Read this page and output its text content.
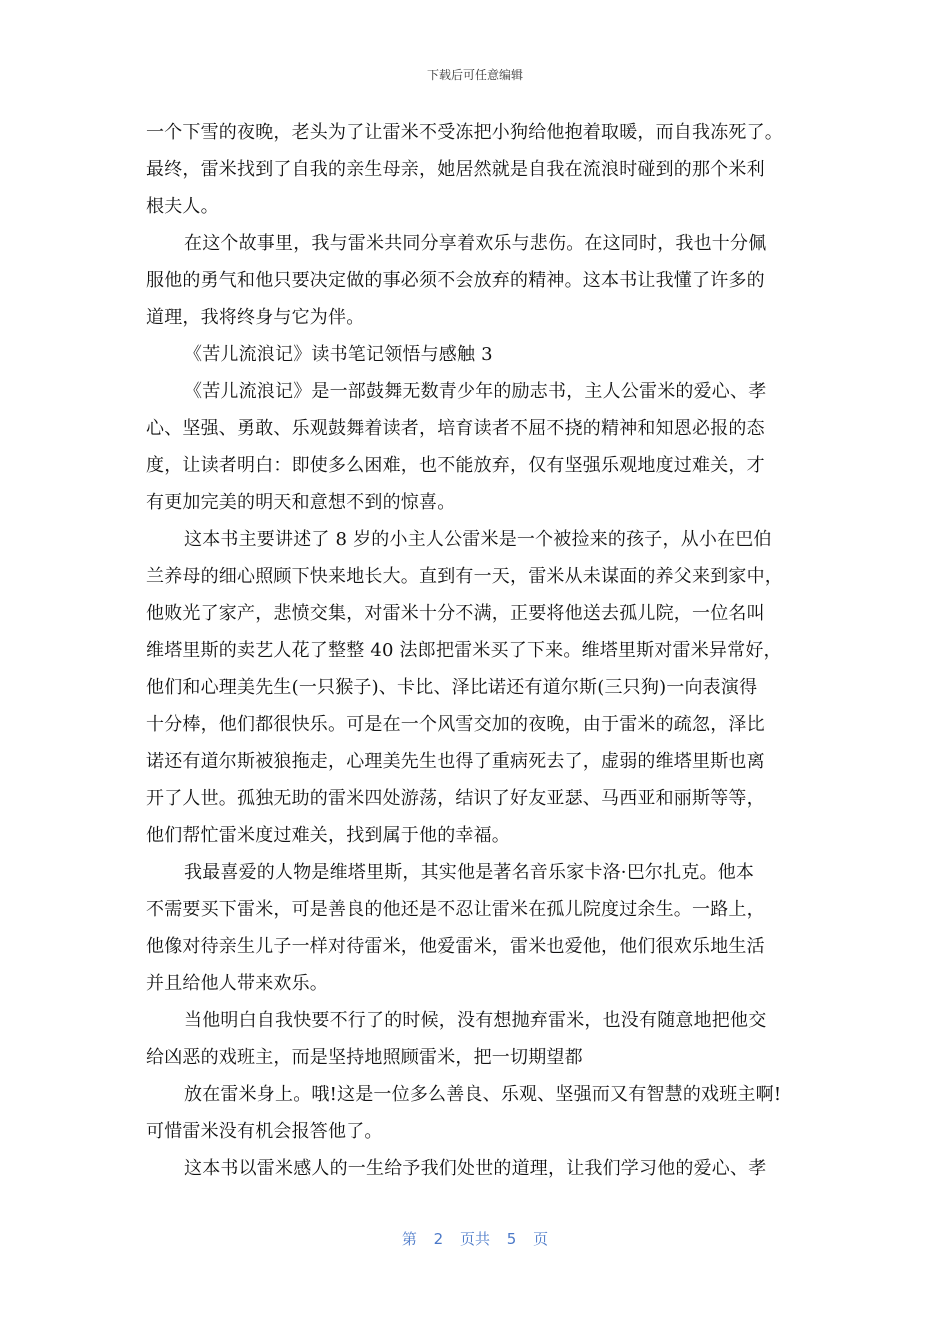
下载后可任意编辑
一个下雪的夜晚，老头为了让雷米不受冻把小狗给他抱着取暖，而自我冻死了。
最终，雷米找到了自我的亲生母亲，她居然就是自我在流浪时碰到的那个米利
根夫人。
在这个故事里，我与雷米共同分享着欢乐与悲伤。在这同时，我也十分佩
服他的勇气和他只要决定做的事必须不会放弃的精神。这本书让我懂了许多的
道理，我将终身与它为伴。
《苦儿流浪记》读书笔记领悟与感触 3
《苦儿流浪记》是一部鼓舞无数青少年的励志书，主人公雷米的爱心、孝
心、坚强、勇敢、乐观鼓舞着读者，培育读者不屈不挠的精神和知恩必报的态
度，让读者明白：即使多么困难，也不能放弃，仅有坚强乐观地度过难关，才
有更加完美的明天和意想不到的惊喜。
这本书主要讲述了 8 岁的小主人公雷米是一个被捡来的孩子，从小在巴伯
兰养母的细心照顾下快来地长大。直到有一天，雷米从未谋面的养父来到家中，
他败光了家产，悲愤交集，对雷米十分不满，正要将他送去孤儿院，一位名叫
维塔里斯的卖艺人花了整整 40 法郎把雷米买了下来。维塔里斯对雷米异常好，
他们和心理美先生(一只猴子)、卡比、泽比诺还有道尔斯(三只狗)一向表演得
十分棒，他们都很快乐。可是在一个风雪交加的夜晚，由于雷米的疏忽，泽比
诺还有道尔斯被狼拖走，心理美先生也得了重病死去了，虚弱的维塔里斯也离
开了人世。孤独无助的雷米四处游荡，结识了好友亚瑟、马西亚和丽斯等等，
他们帮忙雷米度过难关，找到属于他的幸福。
我最喜爱的人物是维塔里斯，其实他是著名音乐家卡洛·巴尔扎克。他本
不需要买下雷米，可是善良的他还是不忍让雷米在孤儿院度过余生。一路上，
他像对待亲生儿子一样对待雷米，他爱雷米，雷米也爱他，他们很欢乐地生活
并且给他人带来欢乐。
当他明白自我快要不行了的时候，没有想抛弃雷米，也没有随意地把他交
给凶恶的戏班主，而是坚持地照顾雷米，把一切期望都
放在雷米身上。哦!这是一位多么善良、乐观、坚强而又有智慧的戏班主啊!
可惜雷米没有机会报答他了。
这本书以雷米感人的一生给予我们处世的道理，让我们学习他的爱心、孝
第 2 页共 5 页
